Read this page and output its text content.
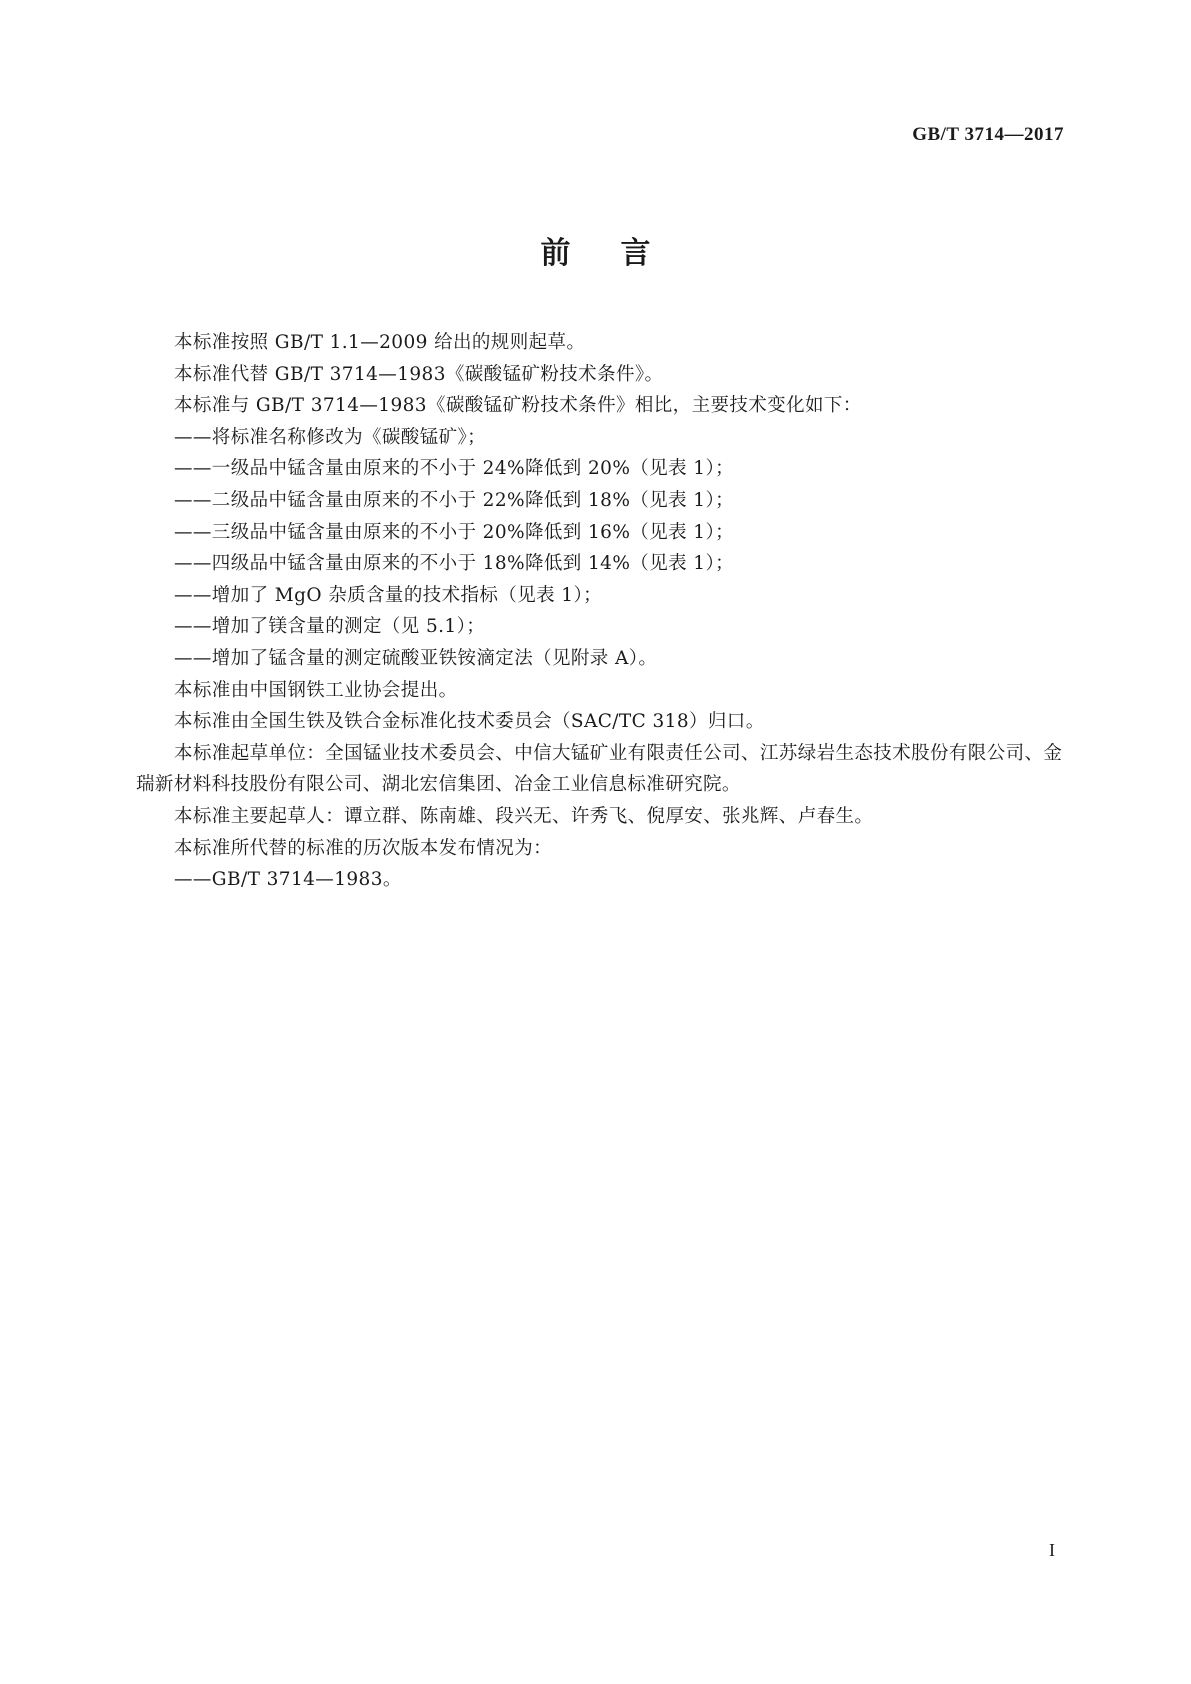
GB/T 3714—2017
前言

本标准按照 GB/T 1.1—2009 给出的规则起草。

本标准代替 GB/T 3714—1983《碳酸锰矿粉技术条件》。

本标准与 GB/T 3714—1983《碳酸锰矿粉技术条件》相比，主要技术变化如下：

——将标准名称修改为《碳酸锰矿》；

——一级品中锰含量由原来的不小于 24%降低到 20%（见表 1）；

——二级品中锰含量由原来的不小于 22%降低到 18%（见表 1）；

——三级品中锰含量由原来的不小于 20%降低到 16%（见表 1）；

——四级品中锰含量由原来的不小于 18%降低到 14%（见表 1）；

——增加了 MgO 杂质含量的技术指标（见表 1）；

——增加了镁含量的测定（见 5.1）；

——增加了锰含量的测定硫酸亚铁铵滴定法（见附录 A）。

本标准由中国钢铁工业协会提出。

本标准由全国生铁及铁合金标准化技术委员会（SAC/TC 318）归口。

本标准起草单位：全国锰业技术委员会、中信大锰矿业有限责任公司、江苏绿岩生态技术股份有限公司、金瑞新材料科技股份有限公司、湖北宏信集团、冶金工业信息标准研究院。

本标准主要起草人：谭立群、陈南雄、段兴无、许秀飞、倪厚安、张兆辉、卢春生。

本标准所代替的标准的历次版本发布情况为：

——GB/T 3714—1983。

I
